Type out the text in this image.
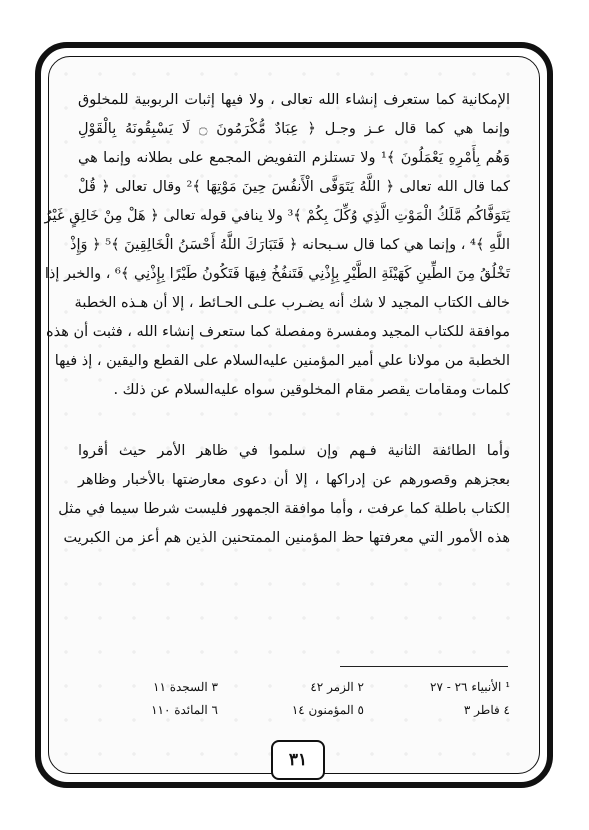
الإمكانية كما ستعرف إنشاء الله تعالى ، ولا فيها إثبات الربوبية للمخلوق
وإنما هي كما قال عـز وجـل ﴿ عِبَادٌ مُّكْرَمُونَ ۝ لَا يَسْبِقُونَهُ بِالْقَوْلِ
وَهُم بِأَمْرِهِ يَعْمَلُونَ ﴾¹ ولا تستلزم التفويض المجمع على بطلانه وإنما هي
كما قال الله تعالى ﴿ اللَّهُ يَتَوَفَّى الْأَنفُسَ حِينَ مَوْتِهَا ﴾² وقال تعالى ﴿ قُلْ
يَتَوَفَّاكُم مَّلَكُ الْمَوْتِ الَّذِي وُكِّلَ بِكُمْ ﴾³ ولا ينافي قوله تعالى ﴿ هَلْ مِنْ خَالِقٍ غَيْرُ
اللَّهِ ﴾⁴ ، وإنما هي كما قال سـبحانه ﴿ فَتَبَارَكَ اللَّهُ أَحْسَنُ الْخَالِقِينَ ﴾⁵ ﴿ وَإِذْ
تَخْلُقُ مِنَ الطِّينِ كَهَيْئَةِ الطَّيْرِ بِإِذْنِي فَتَنفُخُ فِيهَا فَتَكُونُ طَيْرًا بِإِذْنِي ﴾⁶ ، والخبر إذا
خالف الكتاب المجيد لا شك أنه يضـرب علـى الحـائط ، إلا أن هـذه الخطبة
موافقة للكتاب المجيد ومفسرة ومفصلة كما ستعرف إنشاء الله ، فثبت أن هذه
الخطبة من مولانا علي أمير المؤمنين عليه‌السلام على القطع واليقين ، إذ فيها
كلمات ومقامات يقصر مقام المخلوقين سواه عليه‌السلام عن ذلك .
وأما الطائفة الثانية فـهم وإن سلموا في ظاهر الأمر حيث أقروا
بعجزهم وقصورهم عن إدراكها ، إلا أن دعوى معارضتها بالأخبار وظاهر
الكتاب باطلة كما عرفت ، وأما موافقة الجمهور فليست شرطا سيما في مثل
هذه الأمور التي معرفتها حظ المؤمنين الممتحنين الذين هم أعز من الكبريت
¹ الأنبياء ٢٦ - ٢٧
٢ الزمر ٤٢
٣ السجدة ١١
٤ فاطر ٣
٥ المؤمنون ١٤
٦ المائدة ١١٠
٣١
